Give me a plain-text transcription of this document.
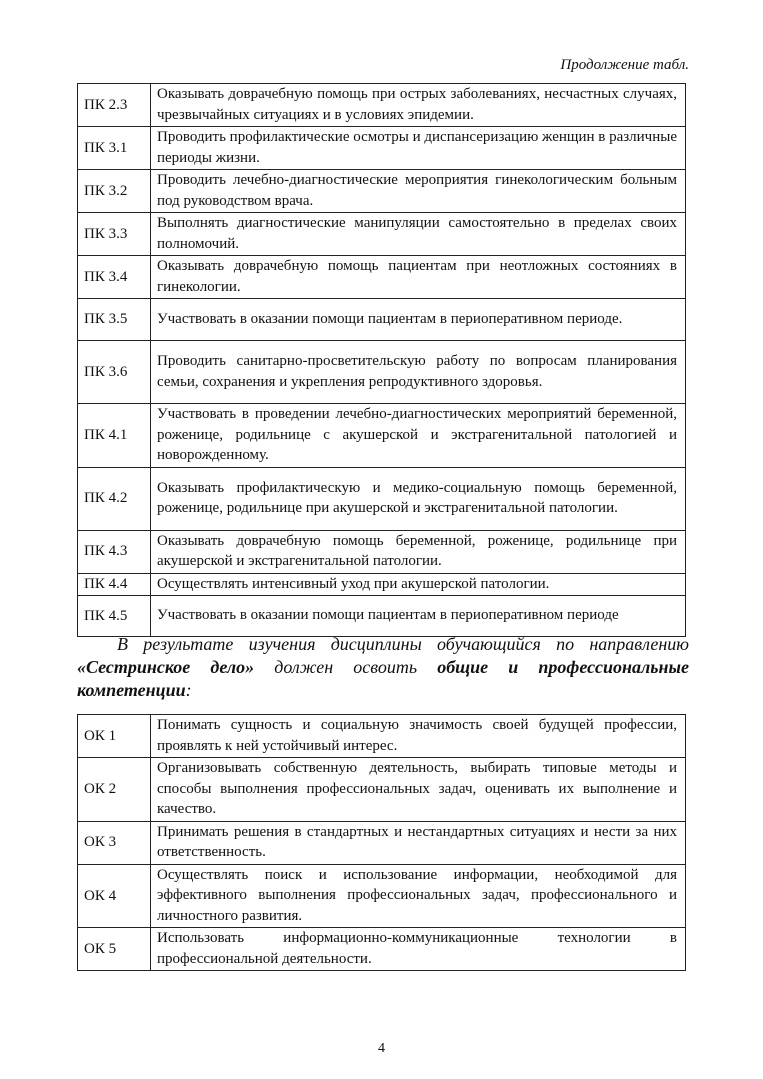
Продолжение табл.
ПК 2.3	Оказывать доврачебную помощь при острых заболеваниях, несчастных случаях, чрезвычайных ситуациях и в условиях эпидемии.
ПК 3.1	Проводить профилактические осмотры и диспансеризацию женщин в различные периоды жизни.
ПК 3.2	Проводить лечебно-диагностические мероприятия гинекологическим больным под руководством врача.
ПК 3.3	Выполнять диагностические манипуляции самостоятельно в пределах своих полномочий.
ПК 3.4	Оказывать доврачебную помощь пациентам при неотложных состояниях в гинекологии.
ПК 3.5	Участвовать в оказании помощи пациентам в периоперативном периоде.
ПК 3.6	Проводить санитарно-просветительскую работу по вопросам планирования семьи, сохранения и укрепления репродуктивного здоровья.
ПК 4.1	Участвовать в проведении лечебно-диагностических мероприятий беременной, роженице, родильнице с акушерской и экстрагенитальной патологией и новорожденному.
ПК 4.2	Оказывать профилактическую и медико-социальную помощь беременной, роженице, родильнице при акушерской и экстрагенитальной патологии.
ПК 4.3	Оказывать доврачебную помощь беременной, роженице, родильнице при акушерской и экстрагенитальной патологии.
ПК 4.4	Осуществлять интенсивный уход при акушерской патологии.
ПК 4.5	Участвовать в оказании помощи пациентам в периоперативном периоде

В результате изучения дисциплины обучающийся по направлению «Сестринское дело» должен освоить общие и профессиональные компетенции:

ОК 1	Понимать сущность и социальную значимость своей будущей профессии, проявлять к ней устойчивый интерес.
ОК 2	Организовывать собственную деятельность, выбирать типовые методы и способы выполнения профессиональных задач, оценивать их выполнение и качество.
ОК 3	Принимать решения в стандартных и нестандартных ситуациях и нести за них ответственность.
ОК 4	Осуществлять поиск и использование информации, необходимой для эффективного выполнения профессиональных задач, профессионального и личностного развития.
ОК 5	Использовать информационно-коммуникационные технологии в профессиональной деятельности.
4
